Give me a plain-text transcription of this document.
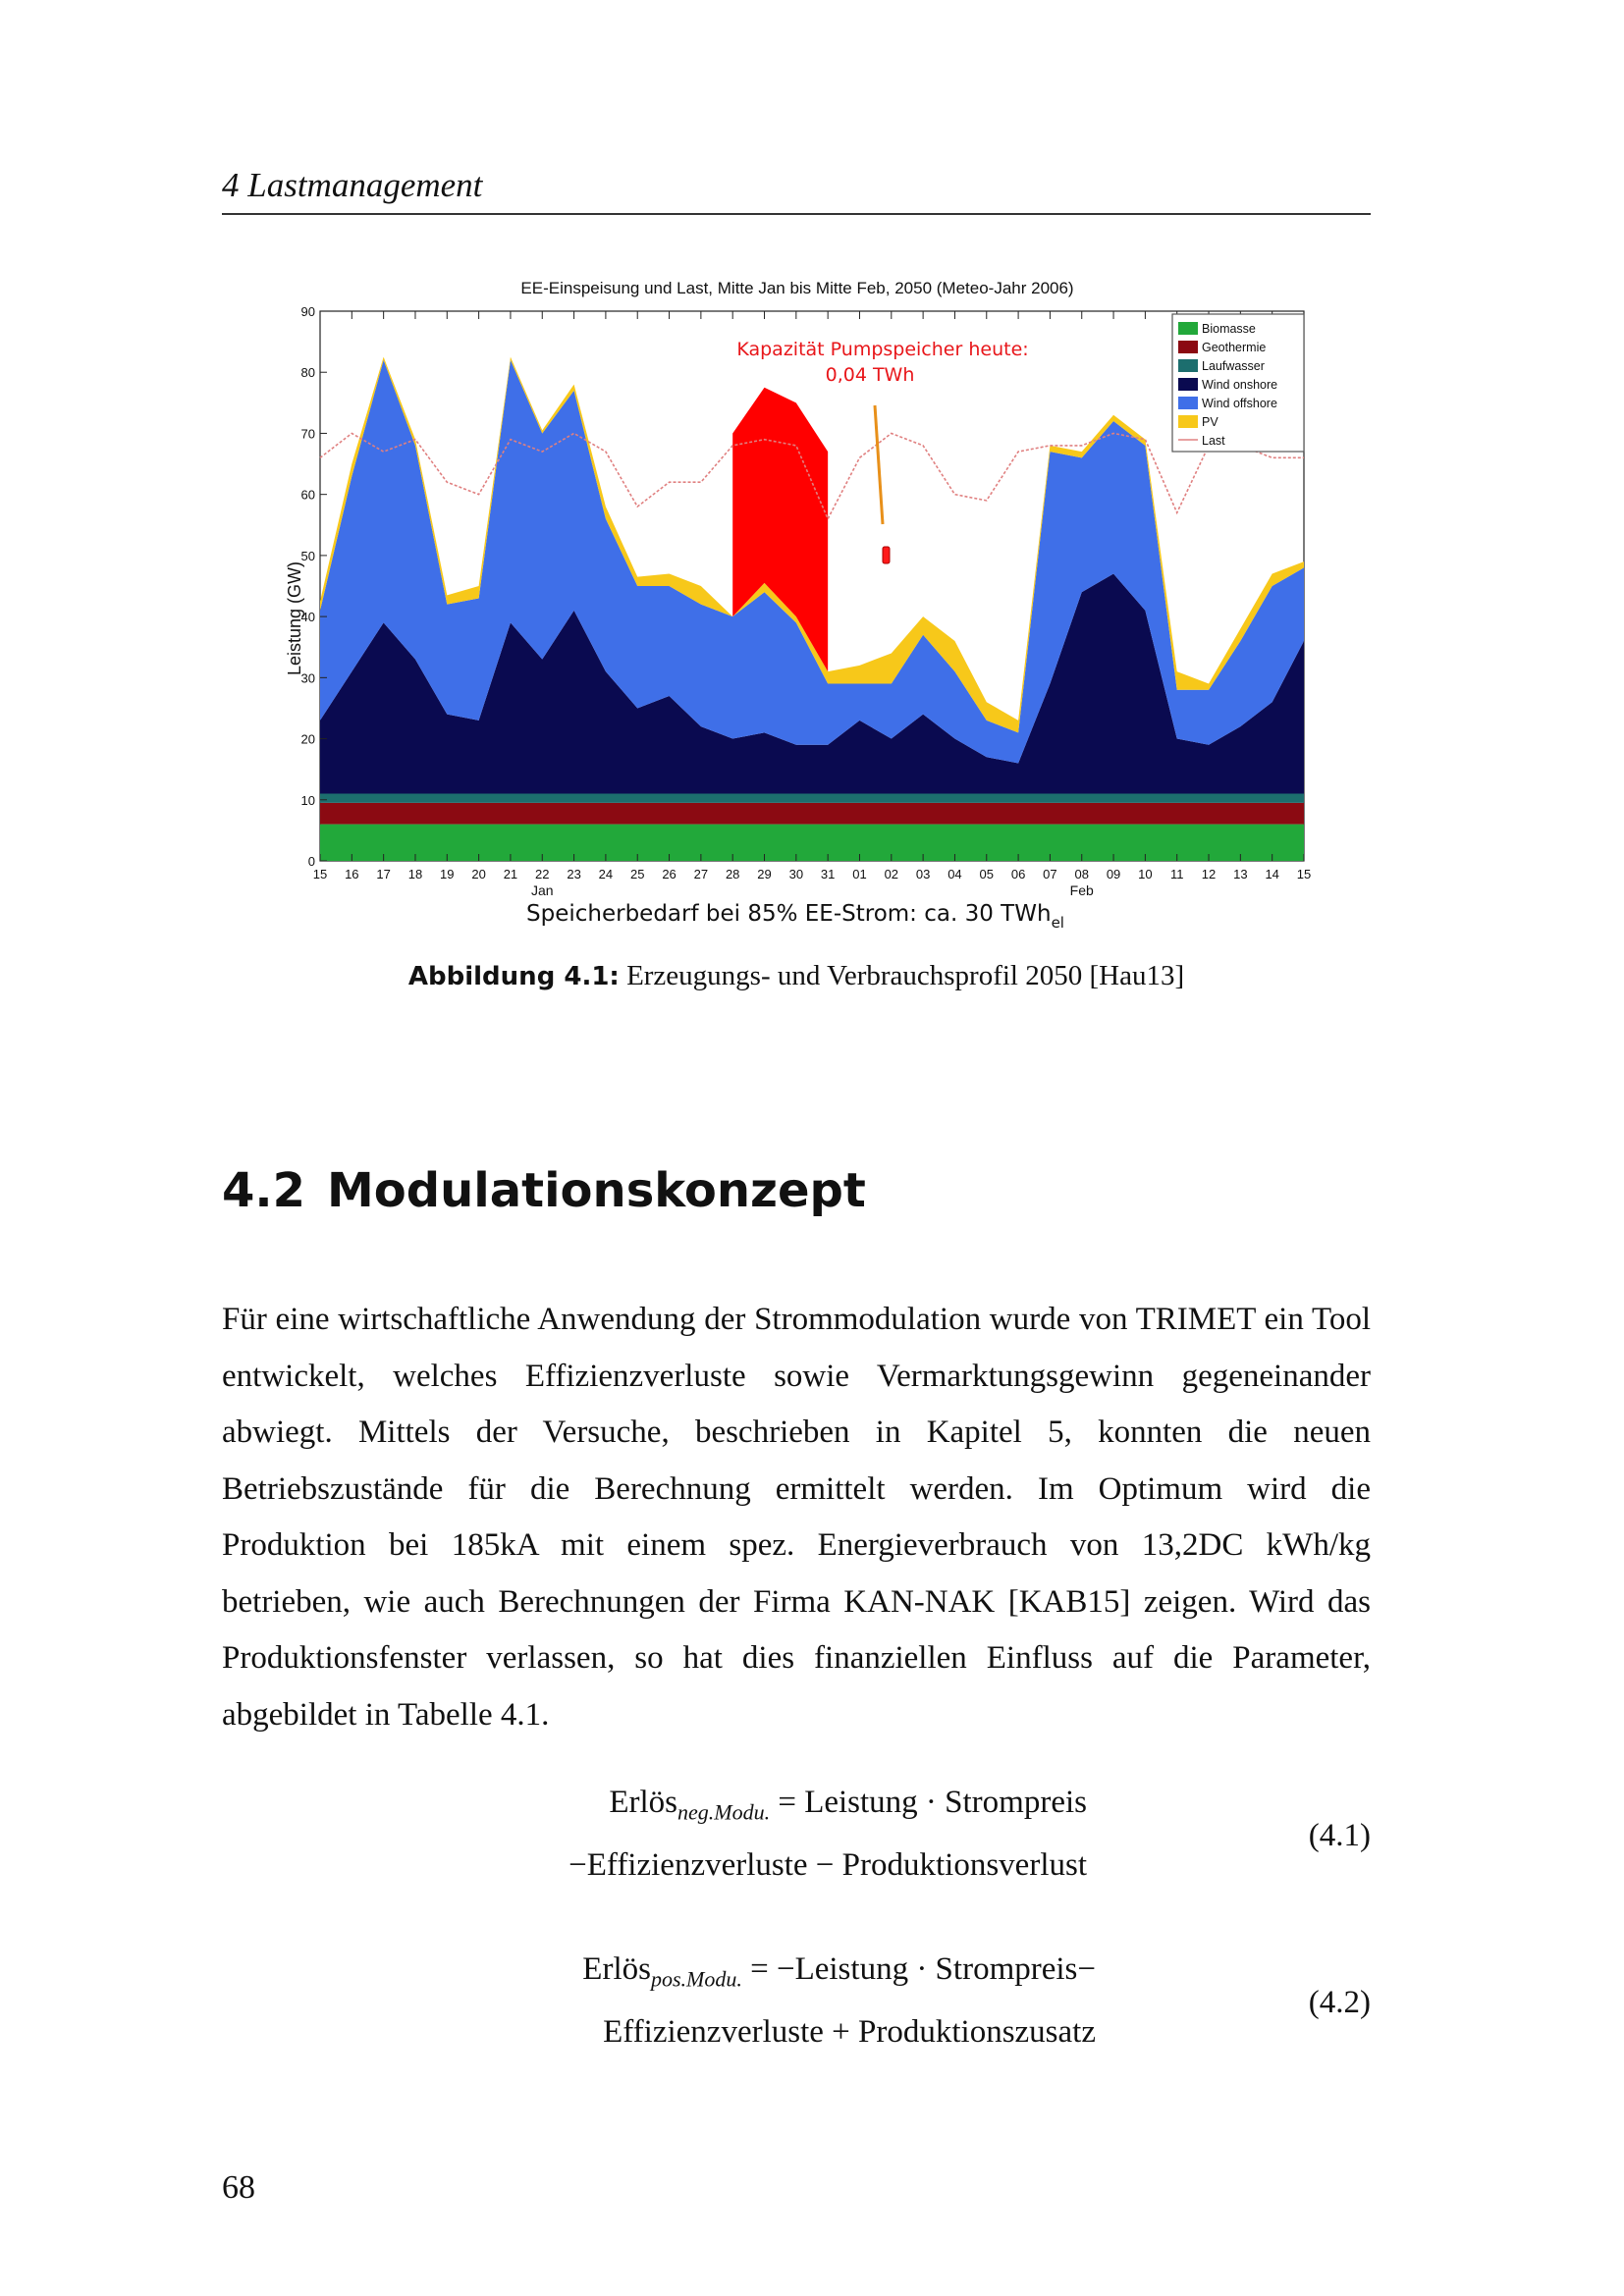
4 Lastmanagement
0
10
20
30
40
50
60
70
80
90
15 16 17 18 19 20 21 22 23 24 25 26 27 28 29 30 31 01 02 03 04 05 06 07 08 09 10 11 12 13 14 15
Jan	Feb
EE-Einspeisung und Last, Mitte Jan bis Mitte Feb, 2050 (Meteo-Jahr 2006)
Leistung (GW)
Kapazität Pumpspeicher heute:
0,04 TWh
Biomasse
Geothermie
Laufwasser
Wind onshore
Wind offshore
PV
Last
Speicherbedarf bei 85% EE-Strom: ca. 30 TWh$_{el}$
Abbildung 4.1: Erzeugungs- und Verbrauchsprofil 2050 [Hau13]
4.2 Modulationskonzept

Für eine wirtschaftliche Anwendung der Strommodulation wurde von TRIMET ein Tool entwickelt, welches Effizienzverluste sowie Vermarktungsgewinn gegeneinander abwiegt. Mittels der Versuche, beschrieben in Kapitel 5, konnten die neuen Betriebszustände für die Berechnung ermittelt werden. Im Optimum wird die Produktion bei 185kA mit einem spez. Energieverbrauch von 13,2DC kWh/kg betrieben, wie auch Berechnungen der Firma KAN-NAK [KAB15] zeigen. Wird das Produktionsfenster verlassen, so hat dies finanziellen Einfluss auf die Parameter, abgebildet in Tabelle 4.1.

Erlös$_{neg.Modu.}$ = Leistung · Strompreis
−Effizienzverluste − Produktionsverlust
(4.1)
Erlös$_{pos.Modu.}$ = −Leistung · Strompreis−
Effizienzverluste + Produktionszusatz
(4.2)
68
